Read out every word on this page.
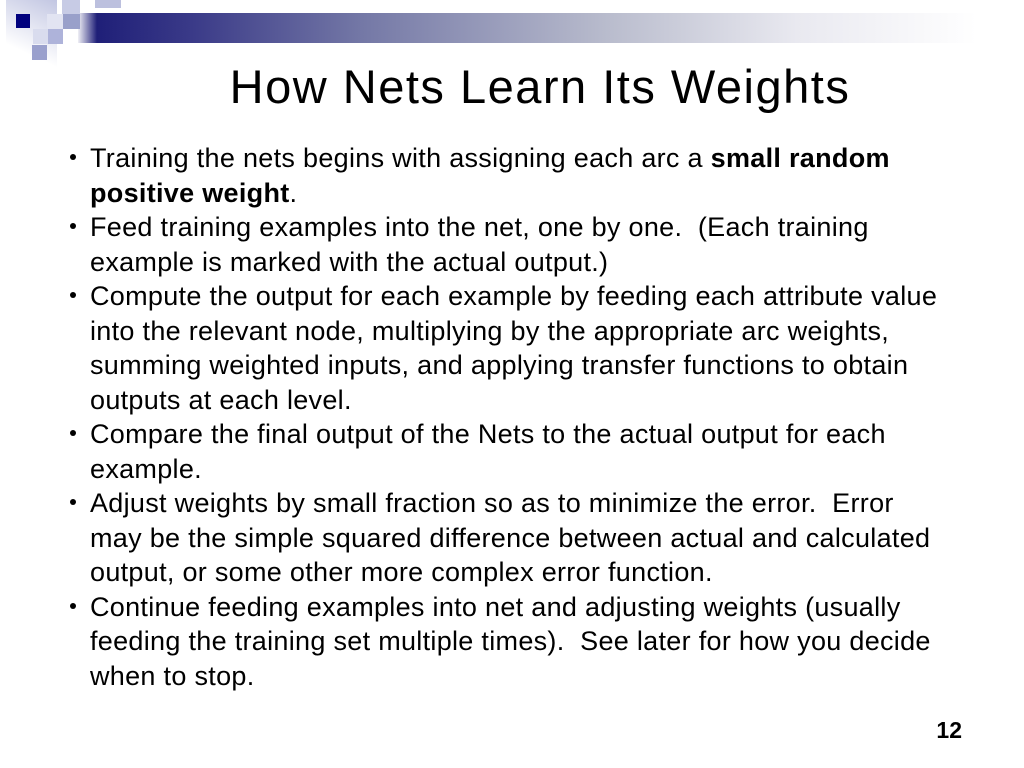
How Nets Learn Its Weights
Training the nets begins with assigning each arc a small random
positive weight.
Feed training examples into the net, one by one.  (Each training
example is marked with the actual output.)
Compute the output for each example by feeding each attribute value
into the relevant node, multiplying by the appropriate arc weights,
summing weighted inputs, and applying transfer functions to obtain
outputs at each level.
Compare the final output of the Nets to the actual output for each
example.
Adjust weights by small fraction so as to minimize the error.  Error
may be the simple squared difference between actual and calculated
output, or some other more complex error function.
Continue feeding examples into net and adjusting weights (usually
feeding the training set multiple times).  See later for how you decide
when to stop.
12
